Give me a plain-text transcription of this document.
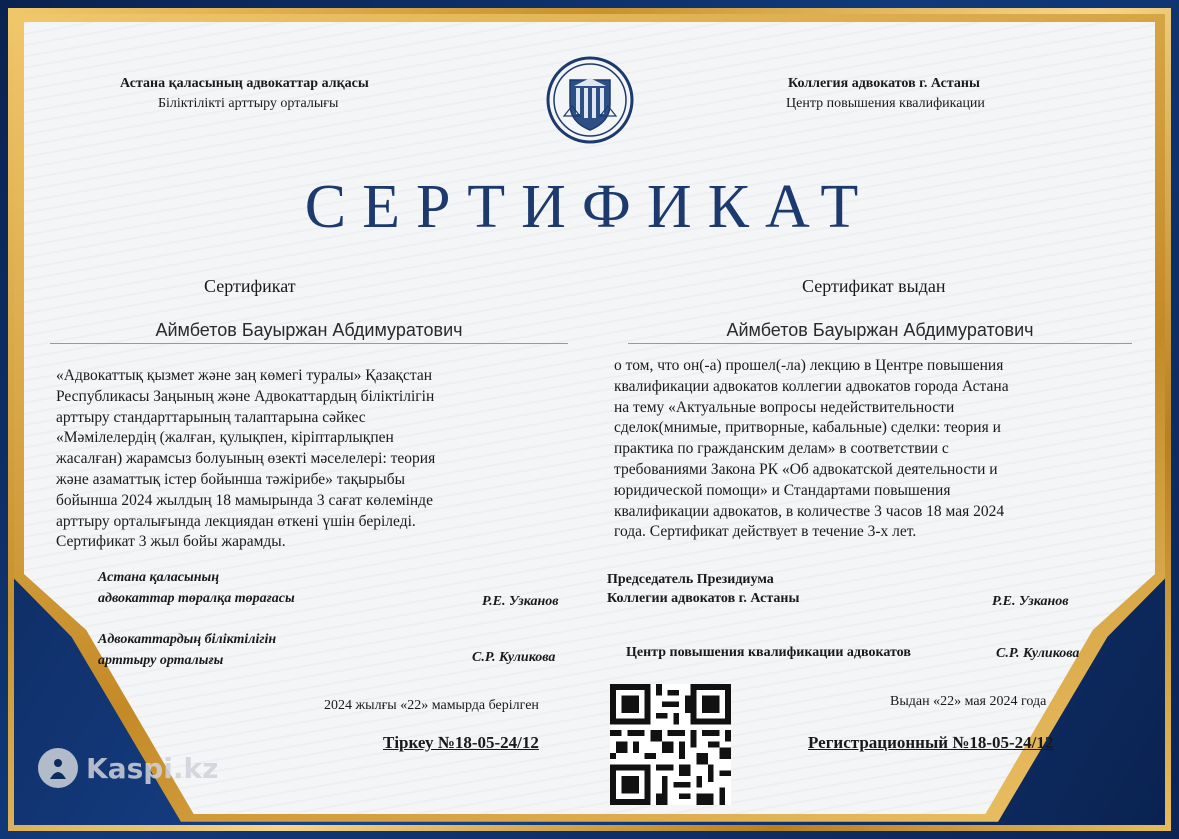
Астана қаласының адвокаттар алқасы
Біліктілікті арттыру орталығы
Коллегия адвокатов г. Астаны
Центр повышения квалификации
СЕРТИФИКАТ
Сертификат
Аймбетов Бауыржан Абдимуратович
«Адвокаттық қызмет және заң көмегі туралы» Қазақстан
Республикасы Заңының және Адвокаттардың біліктілігін
арттыру стандарттарының талаптарына сәйкес
«Мәмілелердің (жалған, қулықпен, кіріптарлықпен
жасалған) жарамсыз болуының өзекті мәселелері: теория
және азаматтық істер бойынша тәжірибе» тақырыбы
бойынша 2024 жылдың 18 мамырында 3 сағат көлемінде
арттыру орталығында лекциядан өткені үшін беріледі.
Сертификат 3 жыл бойы жарамды.
Астана қаласының
адвокаттар төралқа төрағасы	Р.Е. Узканов
Адвокаттардың біліктілігін
арттыру орталығы	С.Р. Куликова
2024 жылғы «22» мамырда берілген
Тіркеу №18-05-24/12
Сертификат выдан
Аймбетов Бауыржан Абдимуратович
о том, что он(-а) прошел(-ла) лекцию в Центре повышения
квалификации адвокатов коллегии адвокатов города Астана
на тему «Актуальные вопросы недействительности
сделок(мнимые, притворные, кабальные) сделки: теория и
практика по гражданским делам» в соответствии с
требованиями Закона РК «Об адвокатской деятельности и
юридической помощи» и Стандартами повышения
квалификации адвокатов, в количестве 3 часов 18 мая 2024
года. Сертификат действует в течение 3-х лет.
Председатель Президиума
Коллегии адвокатов г. Астаны	Р.Е. Узканов
Центр повышения квалификации адвокатов	С.Р. Куликова
Выдан «22» мая 2024 года
Регистрационный №18-05-24/12
Kaspi.kz
